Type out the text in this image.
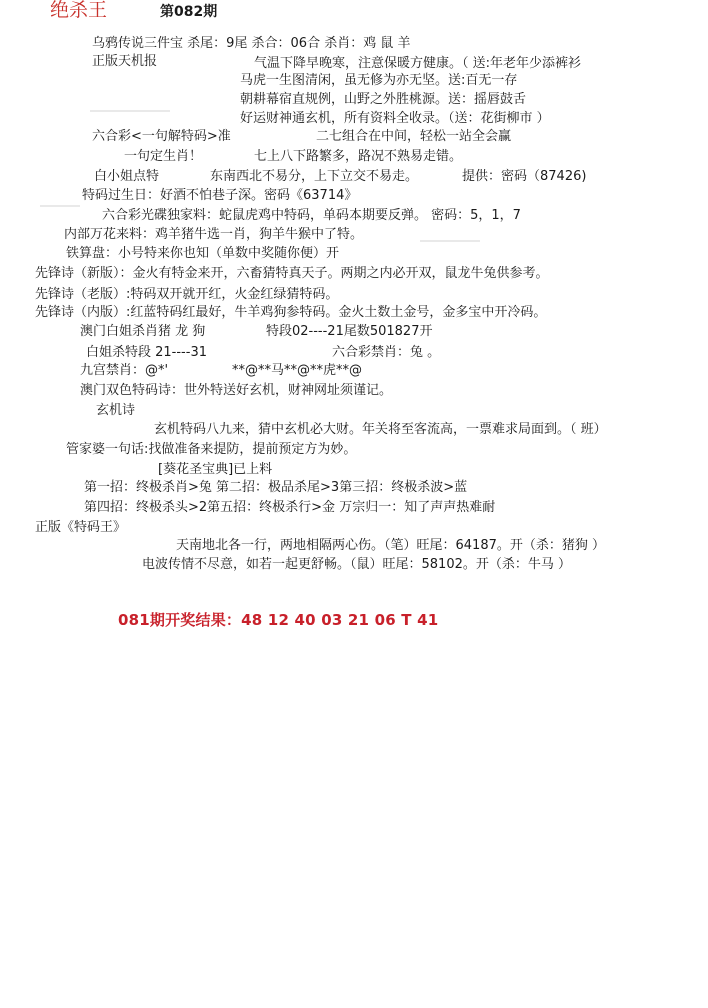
绝杀王	第082期
乌鸦传说三件宝 杀尾：9尾 杀合：06合 杀肖：鸡 鼠 羊
正版天机报	气温下降早晚寒，注意保暖方健康。（ 送:年老年少添裤衫
马虎一生图清闲，虽无修为亦无坚。送:百无一存
朝耕幕宿直规例，山野之外胜桃源。送：摇唇鼓舌
好运财神通玄机，所有资料全收录。（送：花街柳市 ）
六合彩<一句解特码>准	二七组合在中间，轻松一站全会赢
一句定生肖！	七上八下路繁多，路况不熟易走错。
白小姐点特	东南西北不易分，上下立交不易走。	提供：密码（87426)
特码过生日：好酒不怕巷子深。密码《63714》
六合彩光碟独家料：蛇鼠虎鸡中特码，单码本期要反弹。 密码：5，1，7
内部万花来料：鸡羊猪牛选一肖，狗羊牛猴中了特。
铁算盘：小号特来你也知（单数中奖随你便）开
先锋诗（新版）：金火有特金来开，六畜猜特真天子。两期之内必开双，鼠龙牛兔供参考。
先锋诗（老版）:特码双开就开红，火金红绿猜特码。
先锋诗（内版）:红蓝特码红最好，牛羊鸡狗参特码。金火土数土金号，金多宝中开冷码。
澳门白姐杀肖猪 龙 狗	特段02----21尾数501827开
白姐杀特段 21----31	六合彩禁肖：兔 。
九宫禁肖：@*'	**@**马**@**虎**@
澳门双色特码诗：世外特送好玄机，财神网址须谨记。
玄机诗
玄机特码八九来，猜中玄机必大财。年关将至客流高，一票难求局面到。（ 班）
管家婆一句话:找做准备来提防，提前预定方为妙。
[葵花圣宝典]已上料
第一招：终极杀肖>兔 第二招：极品杀尾>3第三招：终极杀波>蓝
第四招：终极杀头>2第五招：终极杀行>金 万宗归一：知了声声热难耐
正版《特码王》
天南地北各一行，两地相隔两心伤。（笔）旺尾：64187。开（杀：猪狗 ）
电波传情不尽意，如若一起更舒畅。（鼠）旺尾：58102。开（杀：牛马 ）
081期开奖结果：48 12 40 03 21 06 T 41
